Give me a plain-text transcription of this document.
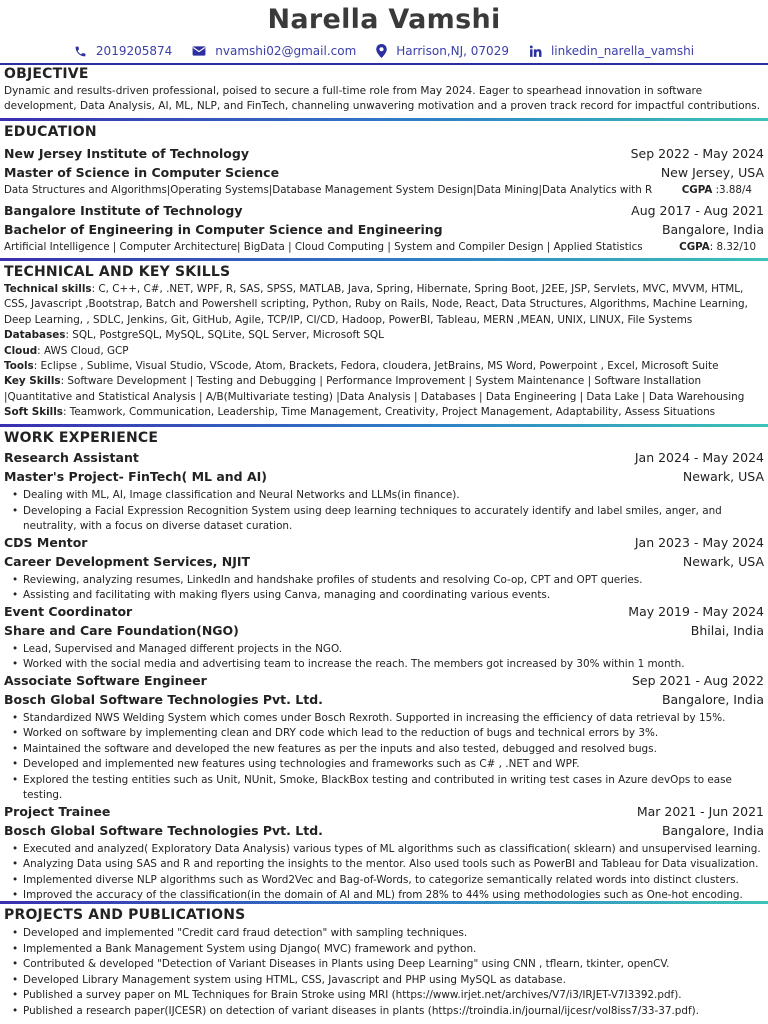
Narella Vamshi
2019205874	nvamshi02@gmail.com	Harrison,NJ, 07029	linkedin_narella_vamshi
OBJECTIVE
Dynamic and results-driven professional, poised to secure a full-time role from May 2024. Eager to spearhead innovation in software development, Data Analysis, AI, ML, NLP, and FinTech, channeling unwavering motivation and a proven track record for impactful contributions.
EDUCATION
New Jersey Institute of Technology	Sep 2022 - May 2024
Master of Science in Computer Science	New Jersey, USA
Data Structures and Algorithms|Operating Systems|Database Management System Design|Data Mining|Data Analytics with R	CGPA :3.88/4
Bangalore Institute of Technology	Aug 2017 - Aug 2021
Bachelor of Engineering in Computer Science and Engineering	Bangalore, India
Artificial Intelligence | Computer Architecture| BigData | Cloud Computing | System and Compiler Design | Applied Statistics	CGPA: 8.32/10
TECHNICAL AND KEY SKILLS
Technical skills: C, C++, C#, .NET, WPF, R, SAS, SPSS, MATLAB, Java, Spring, Hibernate, Spring Boot, J2EE, JSP, Servlets, MVC, MVVM, HTML, CSS, Javascript ,Bootstrap, Batch and Powershell scripting, Python, Ruby on Rails, Node, React, Data Structures, Algorithms, Machine Learning, Deep Learning, , SDLC, Jenkins, Git, GitHub, Agile, TCP/IP, CI/CD, Hadoop, PowerBI, Tableau, MERN ,MEAN, UNIX, LINUX, File Systems
Databases: SQL, PostgreSQL, MySQL, SQLite, SQL Server, Microsoft SQL
Cloud: AWS Cloud, GCP
Tools: Eclipse , Sublime, Visual Studio, VScode, Atom, Brackets, Fedora, cloudera, JetBrains, MS Word, Powerpoint , Excel, Microsoft Suite
Key Skills: Software Development | Testing and Debugging | Performance Improvement | System Maintenance | Software Installation |Quantitative and Statistical Analysis | A/B(Multivariate testing) |Data Analysis | Databases | Data Engineering | Data Lake | Data Warehousing
Soft Skills: Teamwork, Communication, Leadership, Time Management, Creativity, Project Management, Adaptability, Assess Situations
WORK EXPERIENCE
Research Assistant	Jan 2024 - May 2024
Master's Project- FinTech( ML and AI)	Newark, USA
• Dealing with ML, AI, Image classification and Neural Networks and LLMs(in finance).
• Developing a Facial Expression Recognition System using deep learning techniques to accurately identify and label smiles, anger, and neutrality, with a focus on diverse dataset curation.
CDS Mentor	Jan 2023 - May 2024
Career Development Services, NJIT	Newark, USA
• Reviewing, analyzing resumes, LinkedIn and handshake profiles of students and resolving Co-op, CPT and OPT queries.
• Assisting and facilitating with making flyers using Canva, managing and coordinating various events.
Event Coordinator	May 2019 - May 2024
Share and Care Foundation(NGO)	Bhilai, India
• Lead, Supervised and Managed different projects in the NGO.
• Worked with the social media and advertising team to increase the reach. The members got increased by 30% within 1 month.
Associate Software Engineer	Sep 2021 - Aug 2022
Bosch Global Software Technologies Pvt. Ltd.	Bangalore, India
• Standardized NWS Welding System which comes under Bosch Rexroth. Supported in increasing the efficiency of data retrieval by 15%.
• Worked on software by implementing clean and DRY code which lead to the reduction of bugs and technical errors by 3%.
• Maintained the software and developed the new features as per the inputs and also tested, debugged and resolved bugs.
• Developed and implemented new features using technologies and frameworks such as C# , .NET and WPF.
• Explored the testing entities such as Unit, NUnit, Smoke, BlackBox testing and contributed in writing test cases in Azure devOps to ease testing.
Project Trainee	Mar 2021 - Jun 2021
Bosch Global Software Technologies Pvt. Ltd.	Bangalore, India
• Executed and analyzed( Exploratory Data Analysis) various types of ML algorithms such as classification( sklearn) and unsupervised learning.
• Analyzing Data using SAS and R and reporting the insights to the mentor. Also used tools such as PowerBI and Tableau for Data visualization.
• Implemented diverse NLP algorithms such as Word2Vec and Bag-of-Words, to categorize semantically related words into distinct clusters.
• Improved the accuracy of the classification(in the domain of AI and ML) from 28% to 44% using methodologies such as One-hot encoding.
PROJECTS AND PUBLICATIONS
• Developed and implemented "Credit card fraud detection" with sampling techniques.
• Implemented a Bank Management System using Django( MVC) framework and python.
• Contributed & developed "Detection of Variant Diseases in Plants using Deep Learning" using CNN , tflearn, tkinter, openCV.
• Developed Library Management system using HTML, CSS, Javascript and PHP using MySQL as database.
• Published a survey paper on ML Techniques for Brain Stroke using MRI (https://www.irjet.net/archives/V7/i3/IRJET-V7I3392.pdf).
• Published a research paper(IJCESR) on detection of variant diseases in plants (https://troindia.in/journal/ijcesr/vol8iss7/33-37.pdf).
